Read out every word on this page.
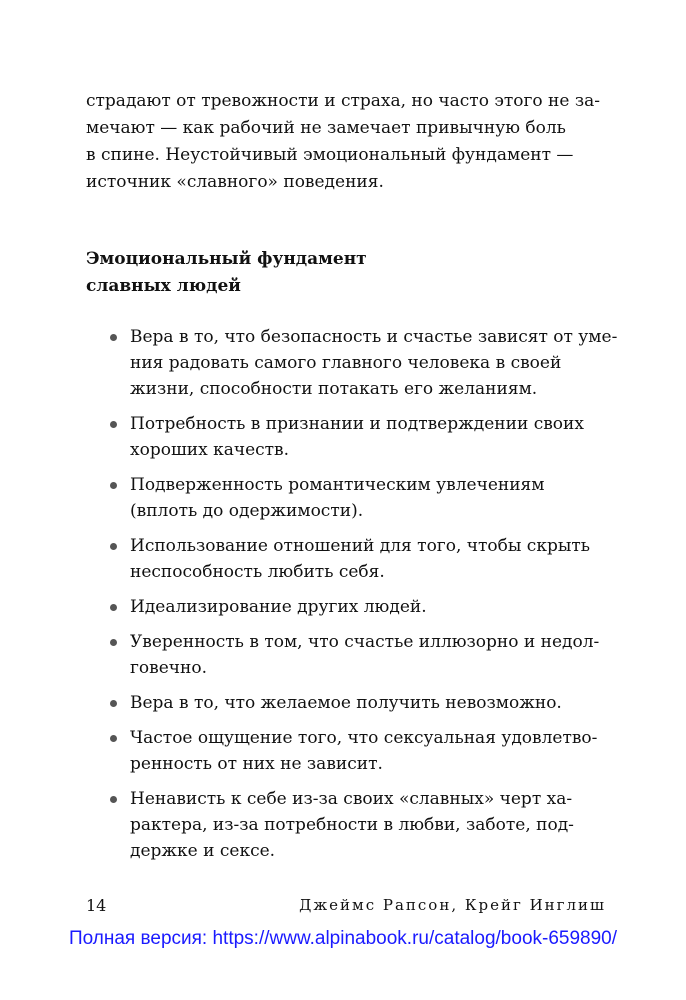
страдают от тревожности и страха, но часто этого не за-
мечают — как рабочий не замечает привычную боль
в спине. Неустойчивый эмоциональный фундамент —
источник «славного» поведения.

Эмоциональный фундамент
славных людей
Вера в то, что безопасность и счастье зависят от уме-
ния радовать самого главного человека в своей
жизни, способности потакать его желаниям.
Потребность в признании и подтверждении своих
хороших качеств.
Подверженность романтическим увлечениям
(вплоть до одержимости).
Использование отношений для того, чтобы скрыть
неспособность любить себя.
Идеализирование других людей.
Уверенность в том, что счастье иллюзорно и недол-
говечно.
Вера в то, что желаемое получить невозможно.
Частое ощущение того, что сексуальная удовлетво-
ренность от них не зависит.
Ненависть к себе из-за своих «славных» черт ха-
рактера, из-за потребности в любви, заботе, под-
держке и сексе.
14	Джеймс Рапсон, Крейг Инглиш
Полная версия: https://www.alpinabook.ru/catalog/book-659890/
